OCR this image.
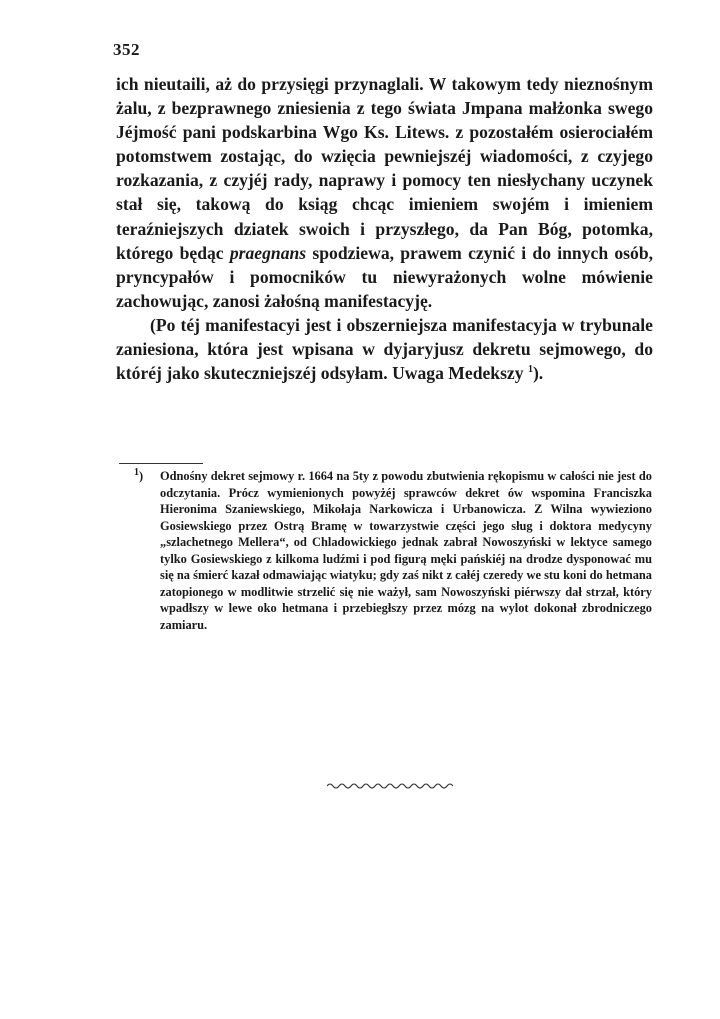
352

ich nieutaili, aż do przysięgi przynaglali. W takowym tedy nieznośnym żalu, z bezprawnego zniesienia z tego świata Jmpana małżonka swego Jéjmość pani podskarbina Wgo Ks. Litews. z pozostałém osierociałém potomstwem zostając, do wzięcia pewniejszéj wiadomości, z czyjego rozkazania, z czyjéj rady, naprawy i pomocy ten niesłychany uczynek stał się, takową do ksiąg chcąc imieniem swojém i imieniem teraźniejszych dziatek swoich i przyszłego, da Pan Bóg, potomka, którego będąc praegnans spodziewa, prawem czynić i do innych osób, pryncypałów i pomocników tu niewyrażonych wolne mówienie zachowując, zanosi żałośną manifestacyję.

(Po téj manifestacyi jest i obszerniejsza manifestacyja w trybunale zaniesiona, która jest wpisana w dyjaryjusz dekretu sejmowego, do któréj jako skuteczniejszéj odsyłam. Uwaga Medekszy $^1$).

$^1$) Odnośny dekret sejmowy r. 1664 na 5ty z powodu zbutwienia rękopismu w całości nie jest do odczytania. Prócz wymienionych powyżéj sprawców dekret ów wspomina Franciszka Hieronima Szaniewskiego, Mikołaja Narkowicza i Urbanowicza. Z Wilna wywieziono Gosiewskiego przez Ostrą Bramę w towarzystwie części jego sług i doktora medycyny „szlachetnego Mellera“, od Chladowickiego jednak zabrał Nowoszyński w lektyce samego tylko Gosiewskiego z kilkoma ludźmi i pod figurą męki pańskiéj na drodze dysponować mu się na śmierć kazał odmawiając wiatyku; gdy zaś nikt z całéj czeredy we stu koni do hetmana zatopionego w modlitwie strzelić się nie ważył, sam Nowoszyński piérwszy dał strzał, który wpadłszy w lewe oko hetmana i przebiegłszy przez mózg na wylot dokonał zbrodniczego zamiaru.
